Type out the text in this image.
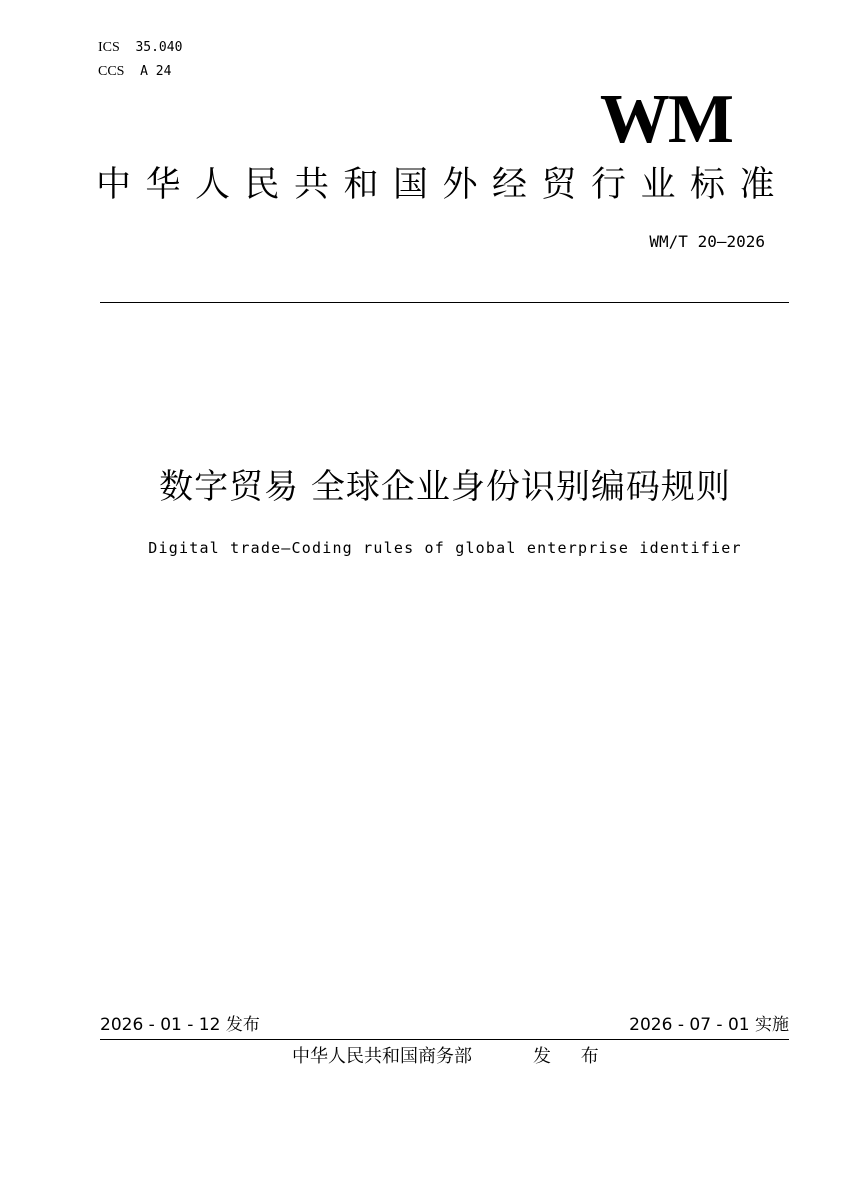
ICS 35.040
CCS A 24
WM
中华人民共和国外经贸行业标准
WM/T 20—2026
数字贸易 全球企业身份识别编码规则
Digital trade—Coding rules of global enterprise identifier
2026 - 01 - 12 发布	2026 - 07 - 01 实施
中华人民共和国商务部	发 布
